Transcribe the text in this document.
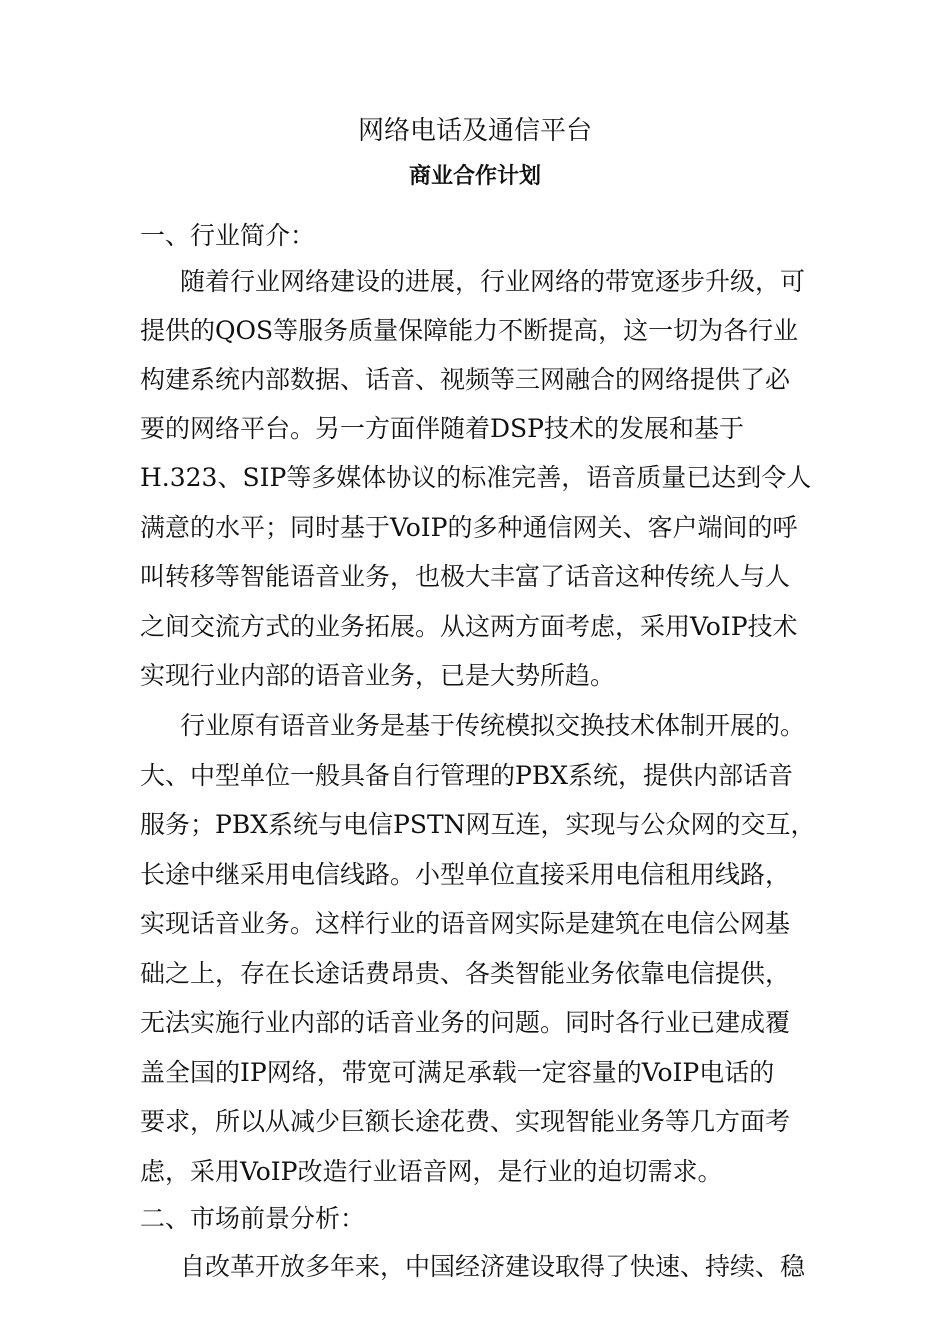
网络电话及通信平台
商业合作计划
一、行业简介：
随着行业网络建设的进展，行业网络的带宽逐步升级，可
提供的QOS等服务质量保障能力不断提高，这一切为各行业
构建系统内部数据、话音、视频等三网融合的网络提供了必
要的网络平台。另一方面伴随着DSP技术的发展和基于
H.323、SIP等多媒体协议的标准完善，语音质量已达到令人
满意的水平；同时基于VoIP的多种通信网关、客户端间的呼
叫转移等智能语音业务，也极大丰富了话音这种传统人与人
之间交流方式的业务拓展。从这两方面考虑，采用VoIP技术
实现行业内部的语音业务，已是大势所趋。
行业原有语音业务是基于传统模拟交换技术体制开展的。
大、中型单位一般具备自行管理的PBX系统，提供内部话音
服务；PBX系统与电信PSTN网互连，实现与公众网的交互，
长途中继采用电信线路。小型单位直接采用电信租用线路，
实现话音业务。这样行业的语音网实际是建筑在电信公网基
础之上，存在长途话费昂贵、各类智能业务依靠电信提供，
无法实施行业内部的话音业务的问题。同时各行业已建成覆
盖全国的IP网络，带宽可满足承载一定容量的VoIP电话的
要求，所以从减少巨额长途花费、实现智能业务等几方面考
虑，采用VoIP改造行业语音网，是行业的迫切需求。
二、市场前景分析：
自改革开放多年来，中国经济建设取得了快速、持续、稳
